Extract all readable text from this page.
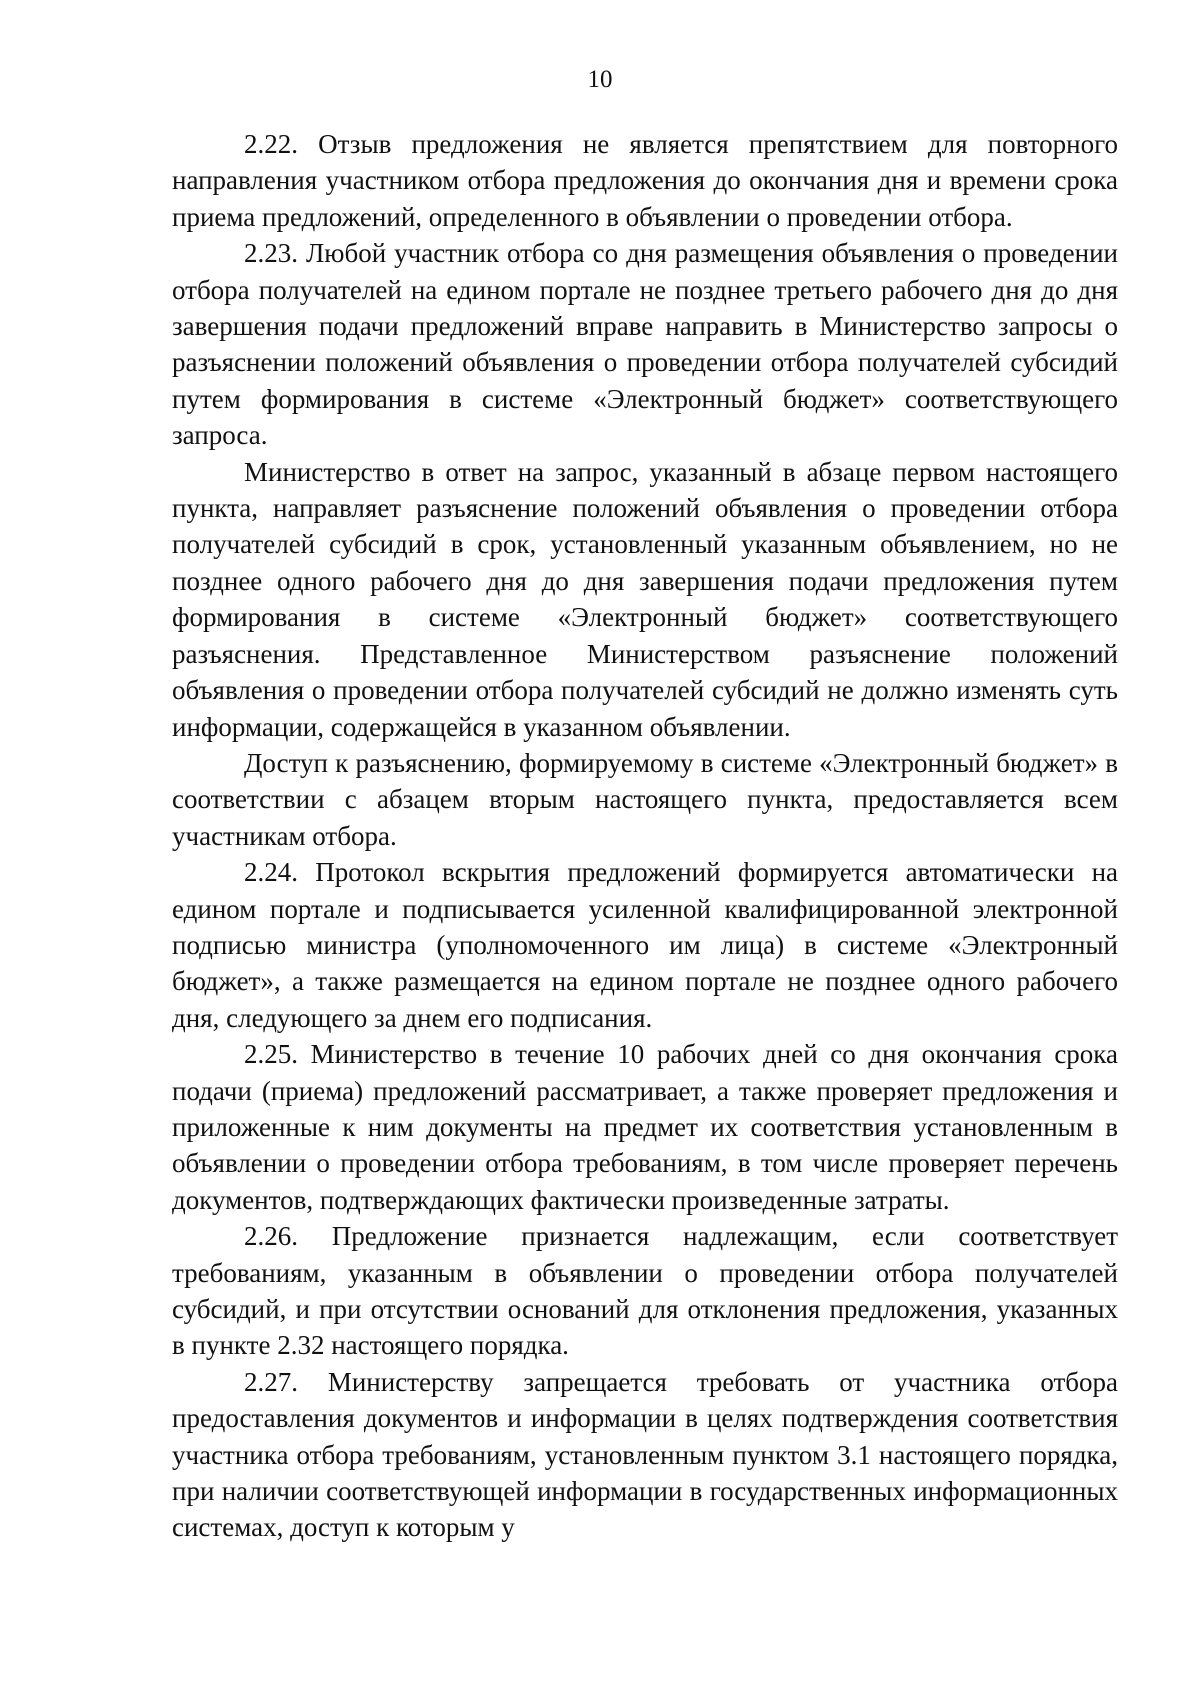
10

2.22. Отзыв предложения не является препятствием для повторного направления участником отбора предложения до окончания дня и времени срока приема предложений, определенного в объявлении о проведении отбора.

2.23. Любой участник отбора со дня размещения объявления о проведении отбора получателей на едином портале не позднее третьего рабочего дня до дня завершения подачи предложений вправе направить в Министерство запросы о разъяснении положений объявления о проведении отбора получателей субсидий путем формирования в системе «Электронный бюджет» соответствующего запроса.

Министерство в ответ на запрос, указанный в абзаце первом настоящего пункта, направляет разъяснение положений объявления о проведении отбора получателей субсидий в срок, установленный указанным объявлением, но не позднее одного рабочего дня до дня завершения подачи предложения путем формирования в системе «Электронный бюджет» соответствующего разъяснения. Представленное Министерством разъяснение положений объявления о проведении отбора получателей субсидий не должно изменять суть информации, содержащейся в указанном объявлении.

Доступ к разъяснению, формируемому в системе «Электронный бюджет» в соответствии с абзацем вторым настоящего пункта, предоставляется всем участникам отбора.

2.24. Протокол вскрытия предложений формируется автоматически на едином портале и подписывается усиленной квалифицированной электронной подписью министра (уполномоченного им лица) в системе «Электронный бюджет», а также размещается на едином портале не позднее одного рабочего дня, следующего за днем его подписания.

2.25. Министерство в течение 10 рабочих дней со дня окончания срока подачи (приема) предложений рассматривает, а также проверяет предложения и приложенные к ним документы на предмет их соответствия установленным в объявлении о проведении отбора требованиям, в том числе проверяет перечень документов, подтверждающих фактически произведенные затраты.

2.26. Предложение признается надлежащим, если соответствует требованиям, указанным в объявлении о проведении отбора получателей субсидий, и при отсутствии оснований для отклонения предложения, указанных в пункте 2.32 настоящего порядка.

2.27. Министерству запрещается требовать от участника отбора предоставления документов и информации в целях подтверждения соответствия участника отбора требованиям, установленным пунктом 3.1 настоящего порядка, при наличии соответствующей информации в государственных информационных системах, доступ к которым у
